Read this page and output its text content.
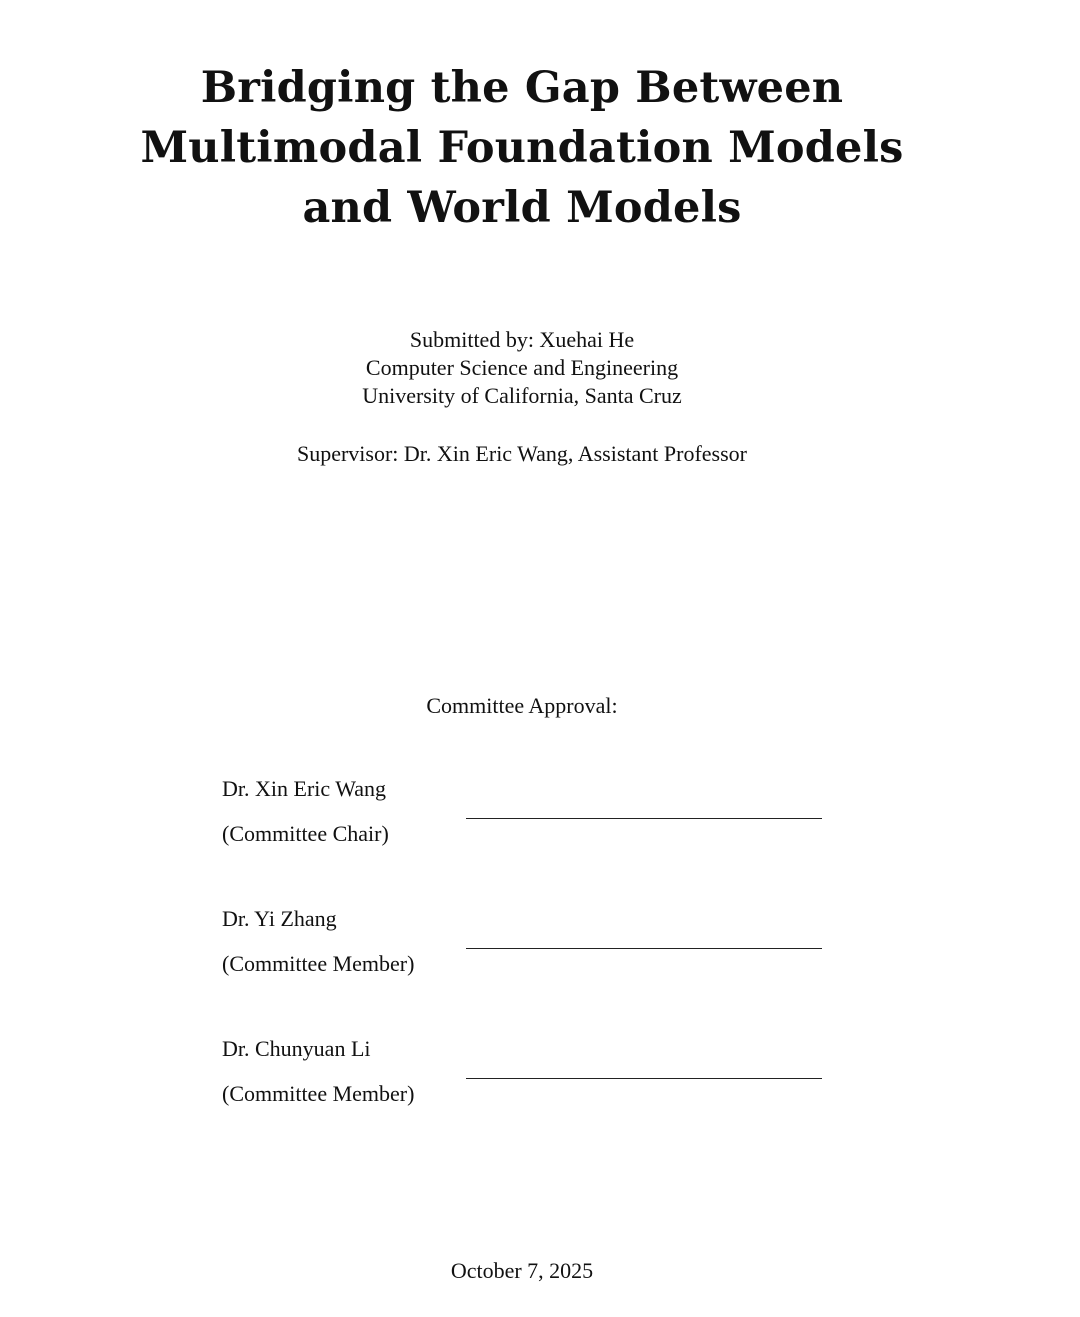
Bridging the Gap Between
Multimodal Foundation Models
and World Models
Submitted by: Xuehai He
Computer Science and Engineering
University of California, Santa Cruz
Supervisor: Dr. Xin Eric Wang, Assistant Professor
Committee Approval:
Dr. Xin Eric Wang
(Committee Chair)
Dr. Yi Zhang
(Committee Member)
Dr. Chunyuan Li
(Committee Member)
October 7, 2025
